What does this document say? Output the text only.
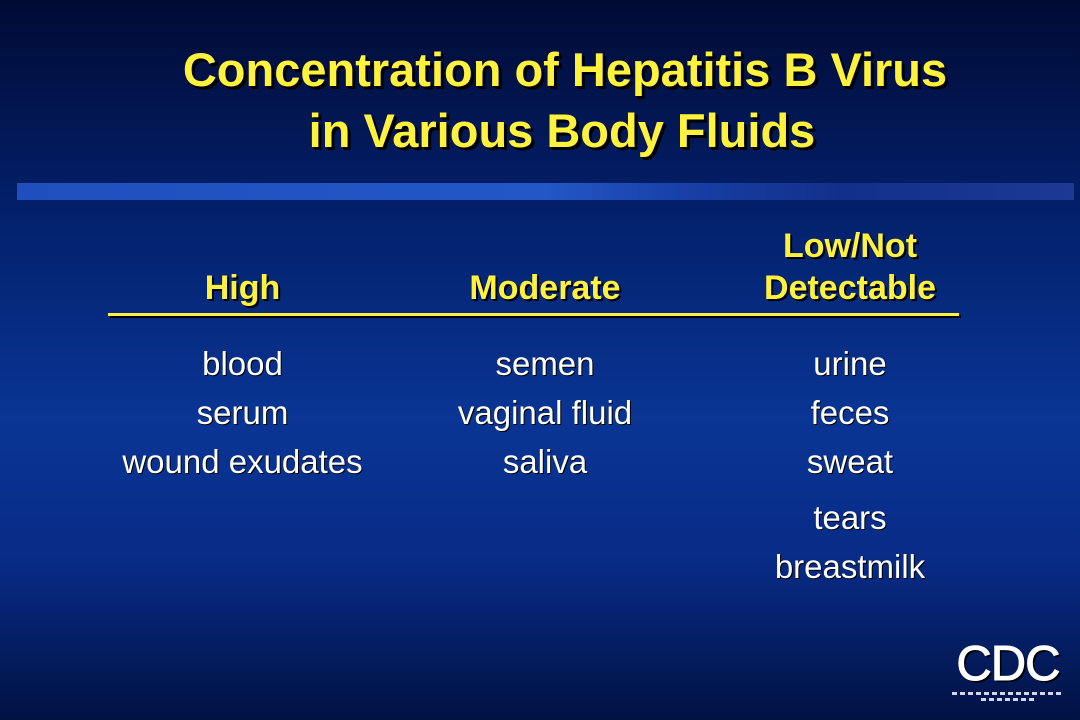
Concentration of Hepatitis B Virus
in Various Body Fluids
High
blood
serum
wound exudates
Moderate
semen
vaginal fluid
saliva
Low/Not
Detectable
urine
feces
sweat
tears
breastmilk
CDC
